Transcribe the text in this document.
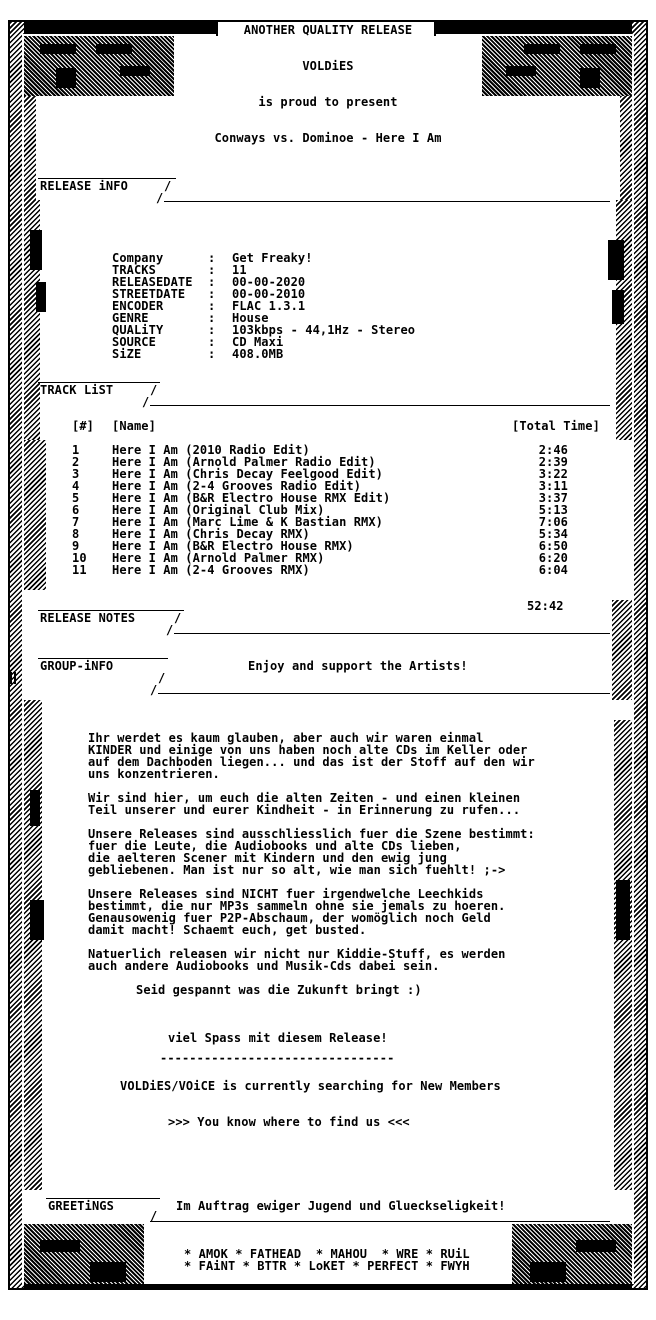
ANOTHER QUALITY RELEASE
VOLDiES
is proud to present
Conways vs. Dominoe - Here I Am
RELEASE iNFO	/
/
Company	: Get Freaky!
TRACKS	: 11
RELEASEDATE : 00-00-2020
STREETDATE : 00-00-2010
ENCODER	: FLAC 1.3.1
GENRE	: House
QUALiTY	: 103kbps - 44,1Hz - Stereo
SOURCE	: CD Maxi
SiZE	: 408.0MB
TRACK LiST	/
/
[#] [Name]	[Total Time]
1	Here I Am (2010 Radio Edit)	2:46
2	Here I Am (Arnold Palmer Radio Edit)	2:39
3	Here I Am (Chris Decay Feelgood Edit)	3:22
4	Here I Am (2-4 Grooves Radio Edit)	3:11
5	Here I Am (B&R Electro House RMX Edit)	3:37
6	Here I Am (Original Club Mix)	5:13
7	Here I Am (Marc Lime & K Bastian RMX)	7:06
8	Here I Am (Chris Decay RMX)	5:34
9	Here I Am (B&R Electro House RMX)	6:50
10 Here I Am (Arnold Palmer RMX)	6:20
11 Here I Am (2-4 Grooves RMX)	6:04
52:42
RELEASE NOTES	/
/
GROUP-iNFO	Enjoy and support the Artists!
/
/
Ihr werdet es kaum glauben, aber auch wir waren einmal
KINDER und einige von uns haben noch alte CDs im Keller oder
auf dem Dachboden liegen... und das ist der Stoff auf den wir
uns konzentrieren.
Wir sind hier, um euch die alten Zeiten - und einen kleinen
Teil unserer und eurer Kindheit - in Erinnerung zu rufen...
Unsere Releases sind ausschliesslich fuer die Szene bestimmt:
fuer die Leute, die Audiobooks und alte CDs lieben,
die aelteren Scener mit Kindern und den ewig jung
gebliebenen. Man ist nur so alt, wie man sich fuehlt! ;->
Unsere Releases sind NICHT fuer irgendwelche Leechkids
bestimmt, die nur MP3s sammeln ohne sie jemals zu hoeren.
Genausowenig fuer P2P-Abschaum, der womöglich noch Geld
damit macht! Schaemt euch, get busted.
Natuerlich releasen wir nicht nur Kiddie-Stuff, es werden
auch andere Audiobooks und Musik-Cds dabei sein.
Seid gespannt was die Zukunft bringt :)
viel Spass mit diesem Release!
--------------------------------
VOLDiES/VOiCE is currently searching for New Members
>>> You know where to find us <<<
GREETiNGS	Im Auftrag ewiger Jugend und Glueckseligkeit!
/
* AMOK * FATHEAD  * MAHOU  * WRE * RUiL
* FAiNT * BTTR * LoKET * PERFECT * FWYH
